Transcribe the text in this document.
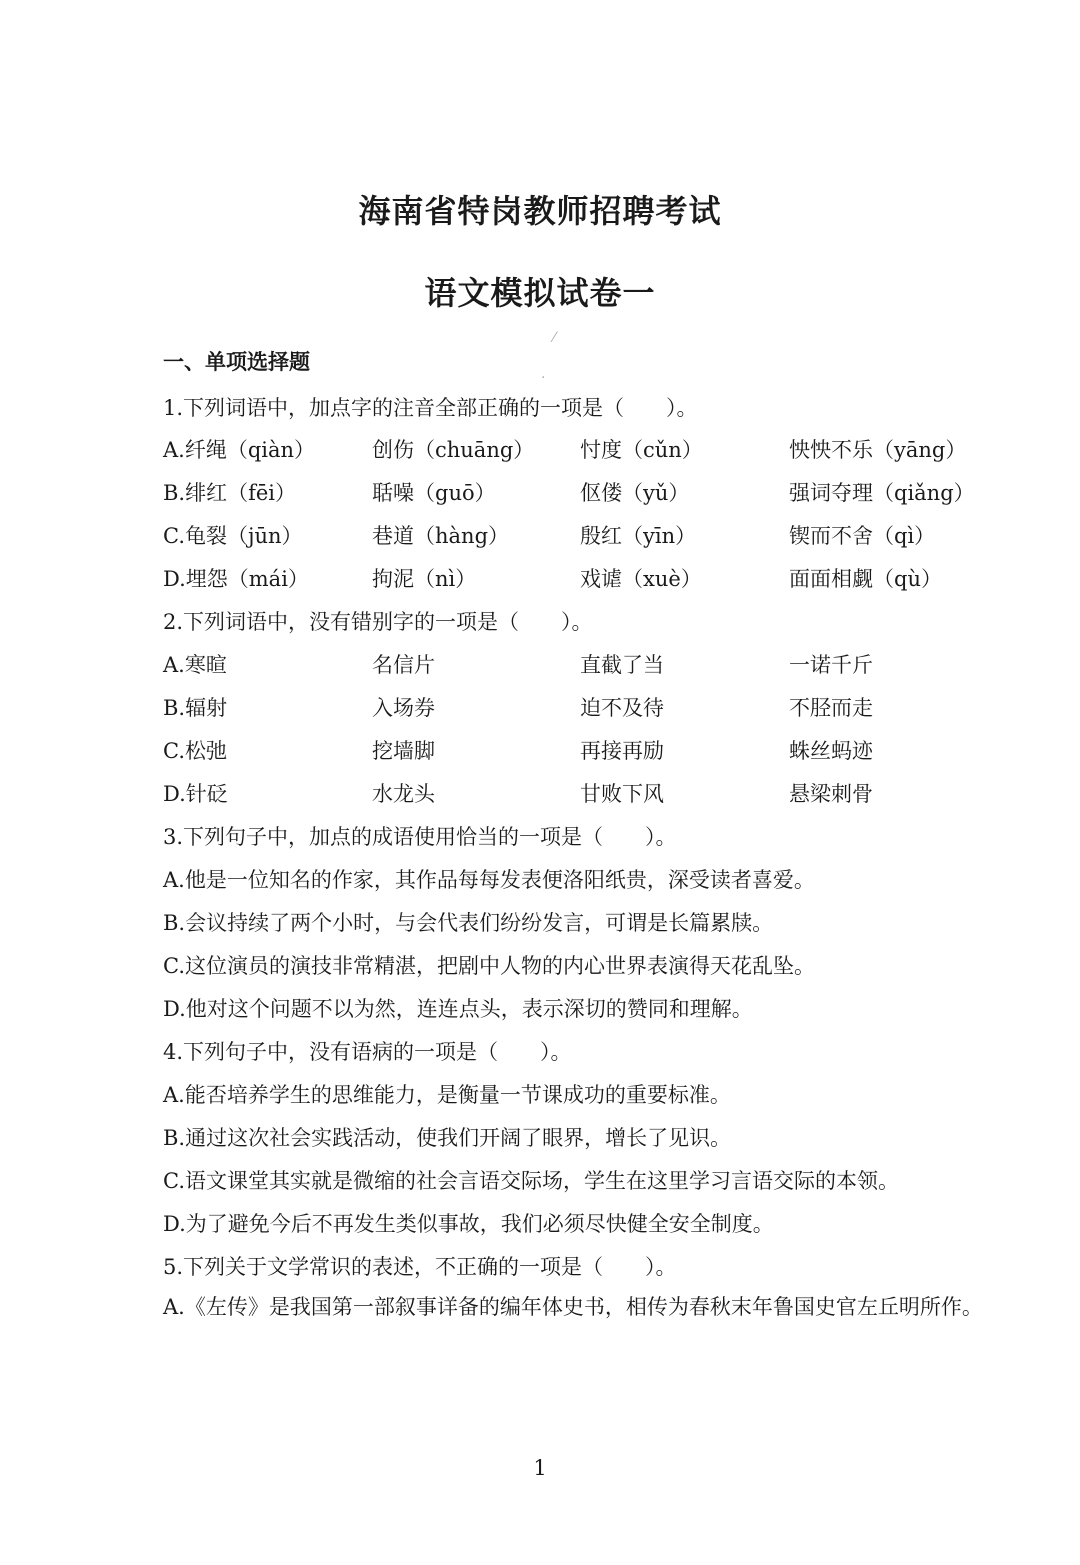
海南省特岗教师招聘考试
语文模拟试卷一
一、单项选择题
1.下列词语中，加点字的注音全部正确的一项是（　　）。
A.纤绳（qiàn）	创伤（chuāng） 忖度（cǔn）	怏怏不乐（yāng）
B.绯红（fēi）	聒噪（guō）	伛偻（yǔ）	强词夺理（qiǎng）
C.龟裂（jūn）	巷道（hàng）	殷红（yīn）	锲而不舍（qì）
D.埋怨（mái）	拘泥（nì）	戏谑（xuè）	面面相觑（qù）
2.下列词语中，没有错别字的一项是（　　）。
A.寒暄	名信片	直截了当	一诺千斤
B.辐射	入场券	迫不及待	不胫而走
C.松弛	挖墙脚	再接再励	蛛丝蚂迹
D.针砭	水龙头	甘败下风	悬梁刺骨
3.下列句子中，加点的成语使用恰当的一项是（　　）。
A.他是一位知名的作家，其作品每每发表便洛阳纸贵，深受读者喜爱。
B.会议持续了两个小时，与会代表们纷纷发言，可谓是长篇累牍。
C.这位演员的演技非常精湛，把剧中人物的内心世界表演得天花乱坠。
D.他对这个问题不以为然，连连点头，表示深切的赞同和理解。
4.下列句子中，没有语病的一项是（　　）。
A.能否培养学生的思维能力，是衡量一节课成功的重要标准。
B.通过这次社会实践活动，使我们开阔了眼界，增长了见识。
C.语文课堂其实就是微缩的社会言语交际场，学生在这里学习言语交际的本领。
D.为了避免今后不再发生类似事故，我们必须尽快健全安全制度。
5.下列关于文学常识的表述，不正确的一项是（　　）。
A.《左传》是我国第一部叙事详备的编年体史书，相传为春秋末年鲁国史官左丘明所作。
1
⁄
·
